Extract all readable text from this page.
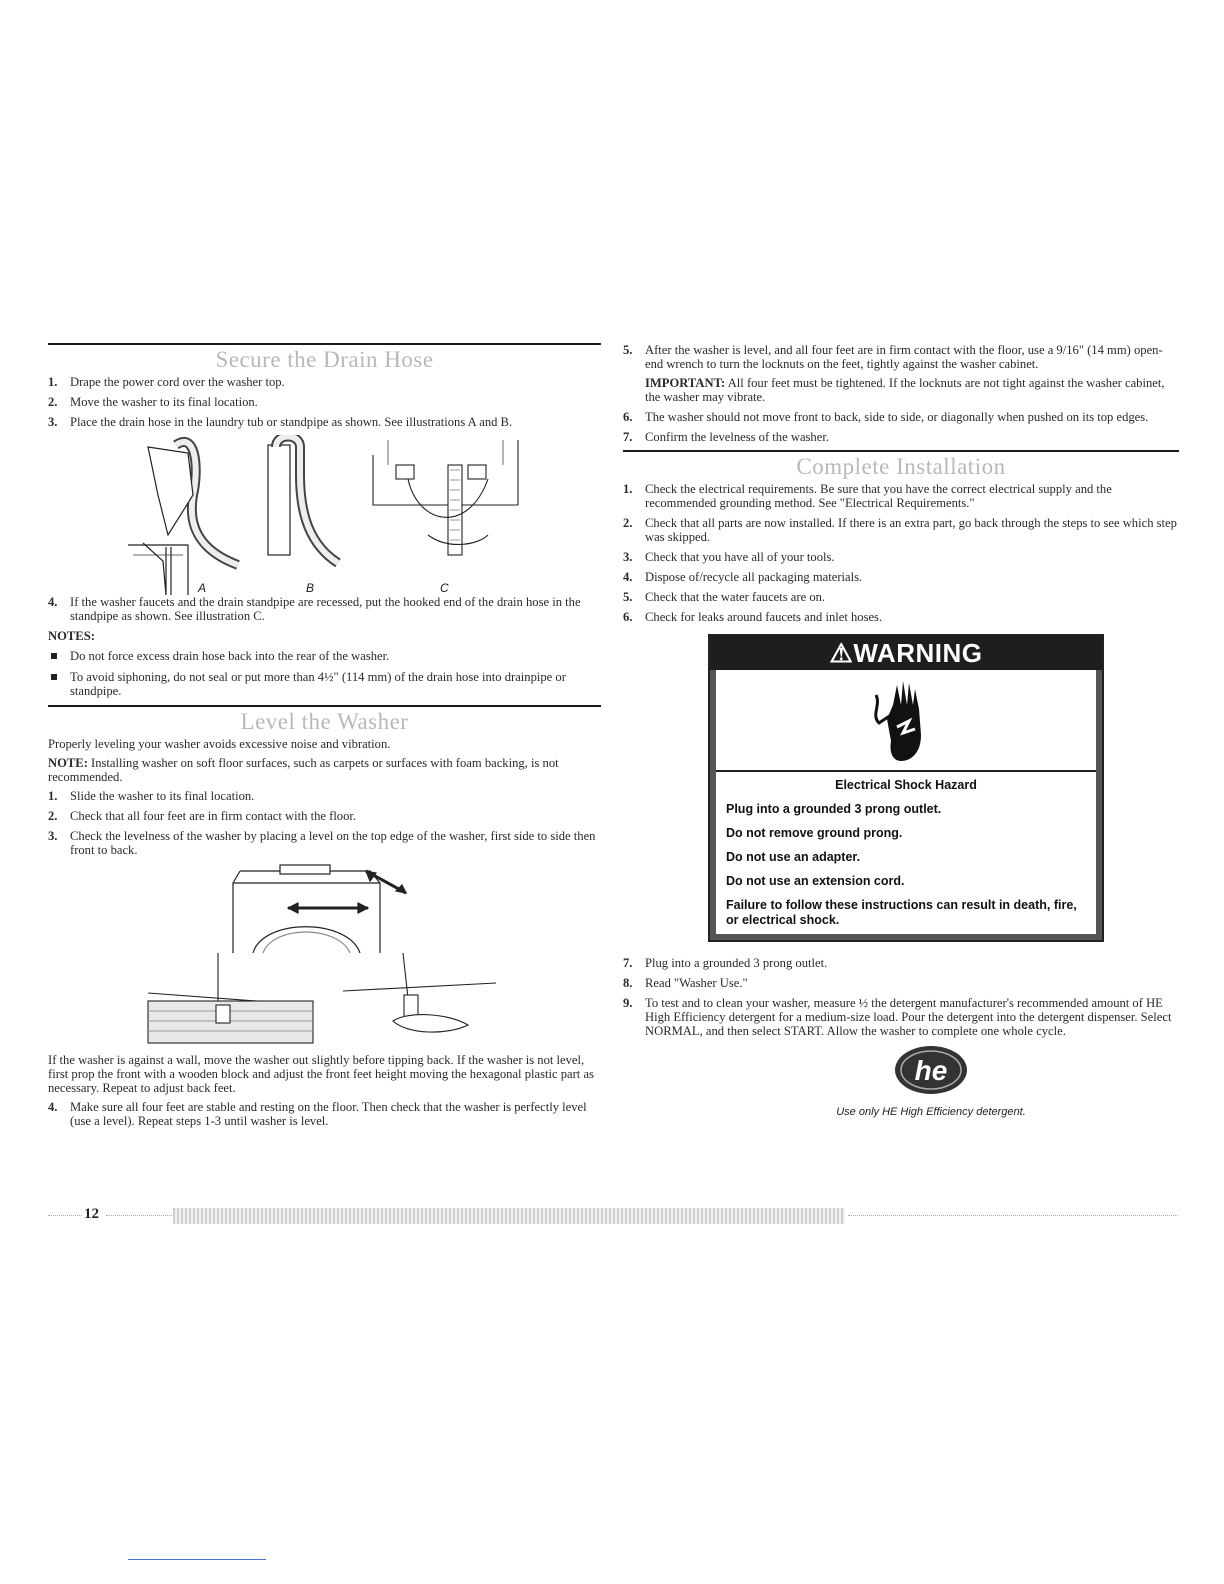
Secure the Drain Hose
1. Drape the power cord over the washer top.
2. Move the washer to its final location.
3. Place the drain hose in the laundry tub or standpipe as shown. See illustrations A and B.
A	B	C
4. If the washer faucets and the drain standpipe are recessed, put the hooked end of the drain hose in the standpipe as shown. See illustration C.
NOTES:
Do not force excess drain hose back into the rear of the washer.
To avoid siphoning, do not seal or put more than 4½" (114 mm) of the drain hose into drainpipe or standpipe.
Level the Washer

Properly leveling your washer avoids excessive noise and vibration.

NOTE: Installing washer on soft floor surfaces, such as carpets or surfaces with foam backing, is not recommended.

1. Slide the washer to its final location.
2. Check that all four feet are in firm contact with the floor.
3. Check the levelness of the washer by placing a level on the top edge of the washer, first side to side then front to back.

If the washer is against a wall, move the washer out slightly before tipping back. If the washer is not level, first prop the front with a wooden block and adjust the front feet height moving the hexagonal plastic part as necessary. Repeat to adjust back feet.

4. Make sure all four feet are stable and resting on the floor. Then check that the washer is perfectly level (use a level). Repeat steps 1-3 until washer is level.
5. After the washer is level, and all four feet are in firm contact with the floor, use a 9/16" (14 mm) open-end wrench to turn the locknuts on the feet, tightly against the washer cabinet.
IMPORTANT: All four feet must be tightened. If the locknuts are not tight against the washer cabinet, the washer may vibrate.
6. The washer should not move front to back, side to side, or diagonally when pushed on its top edges.
7. Confirm the levelness of the washer.
Complete Installation
1. Check the electrical requirements. Be sure that you have the correct electrical supply and the recommended grounding method. See "Electrical Requirements."
2. Check that all parts are now installed. If there is an extra part, go back through the steps to see which step was skipped.
3. Check that you have all of your tools.
4. Dispose of/recycle all packaging materials.
5. Check that the water faucets are on.
6. Check for leaks around faucets and inlet hoses.
⚠WARNING
Electrical Shock Hazard
Plug into a grounded 3 prong outlet.
Do not remove ground prong.
Do not use an adapter.
Do not use an extension cord.
Failure to follow these instructions can result in death, fire, or electrical shock.
7. Plug into a grounded 3 prong outlet.
8. Read "Washer Use."
9. To test and to clean your washer, measure ½ the detergent manufacturer's recommended amount of HE High Efficiency detergent for a medium-size load. Pour the detergent into the detergent dispenser. Select NORMAL, and then select START. Allow the washer to complete one whole cycle.
he
Use only HE High Efficiency detergent.
12
